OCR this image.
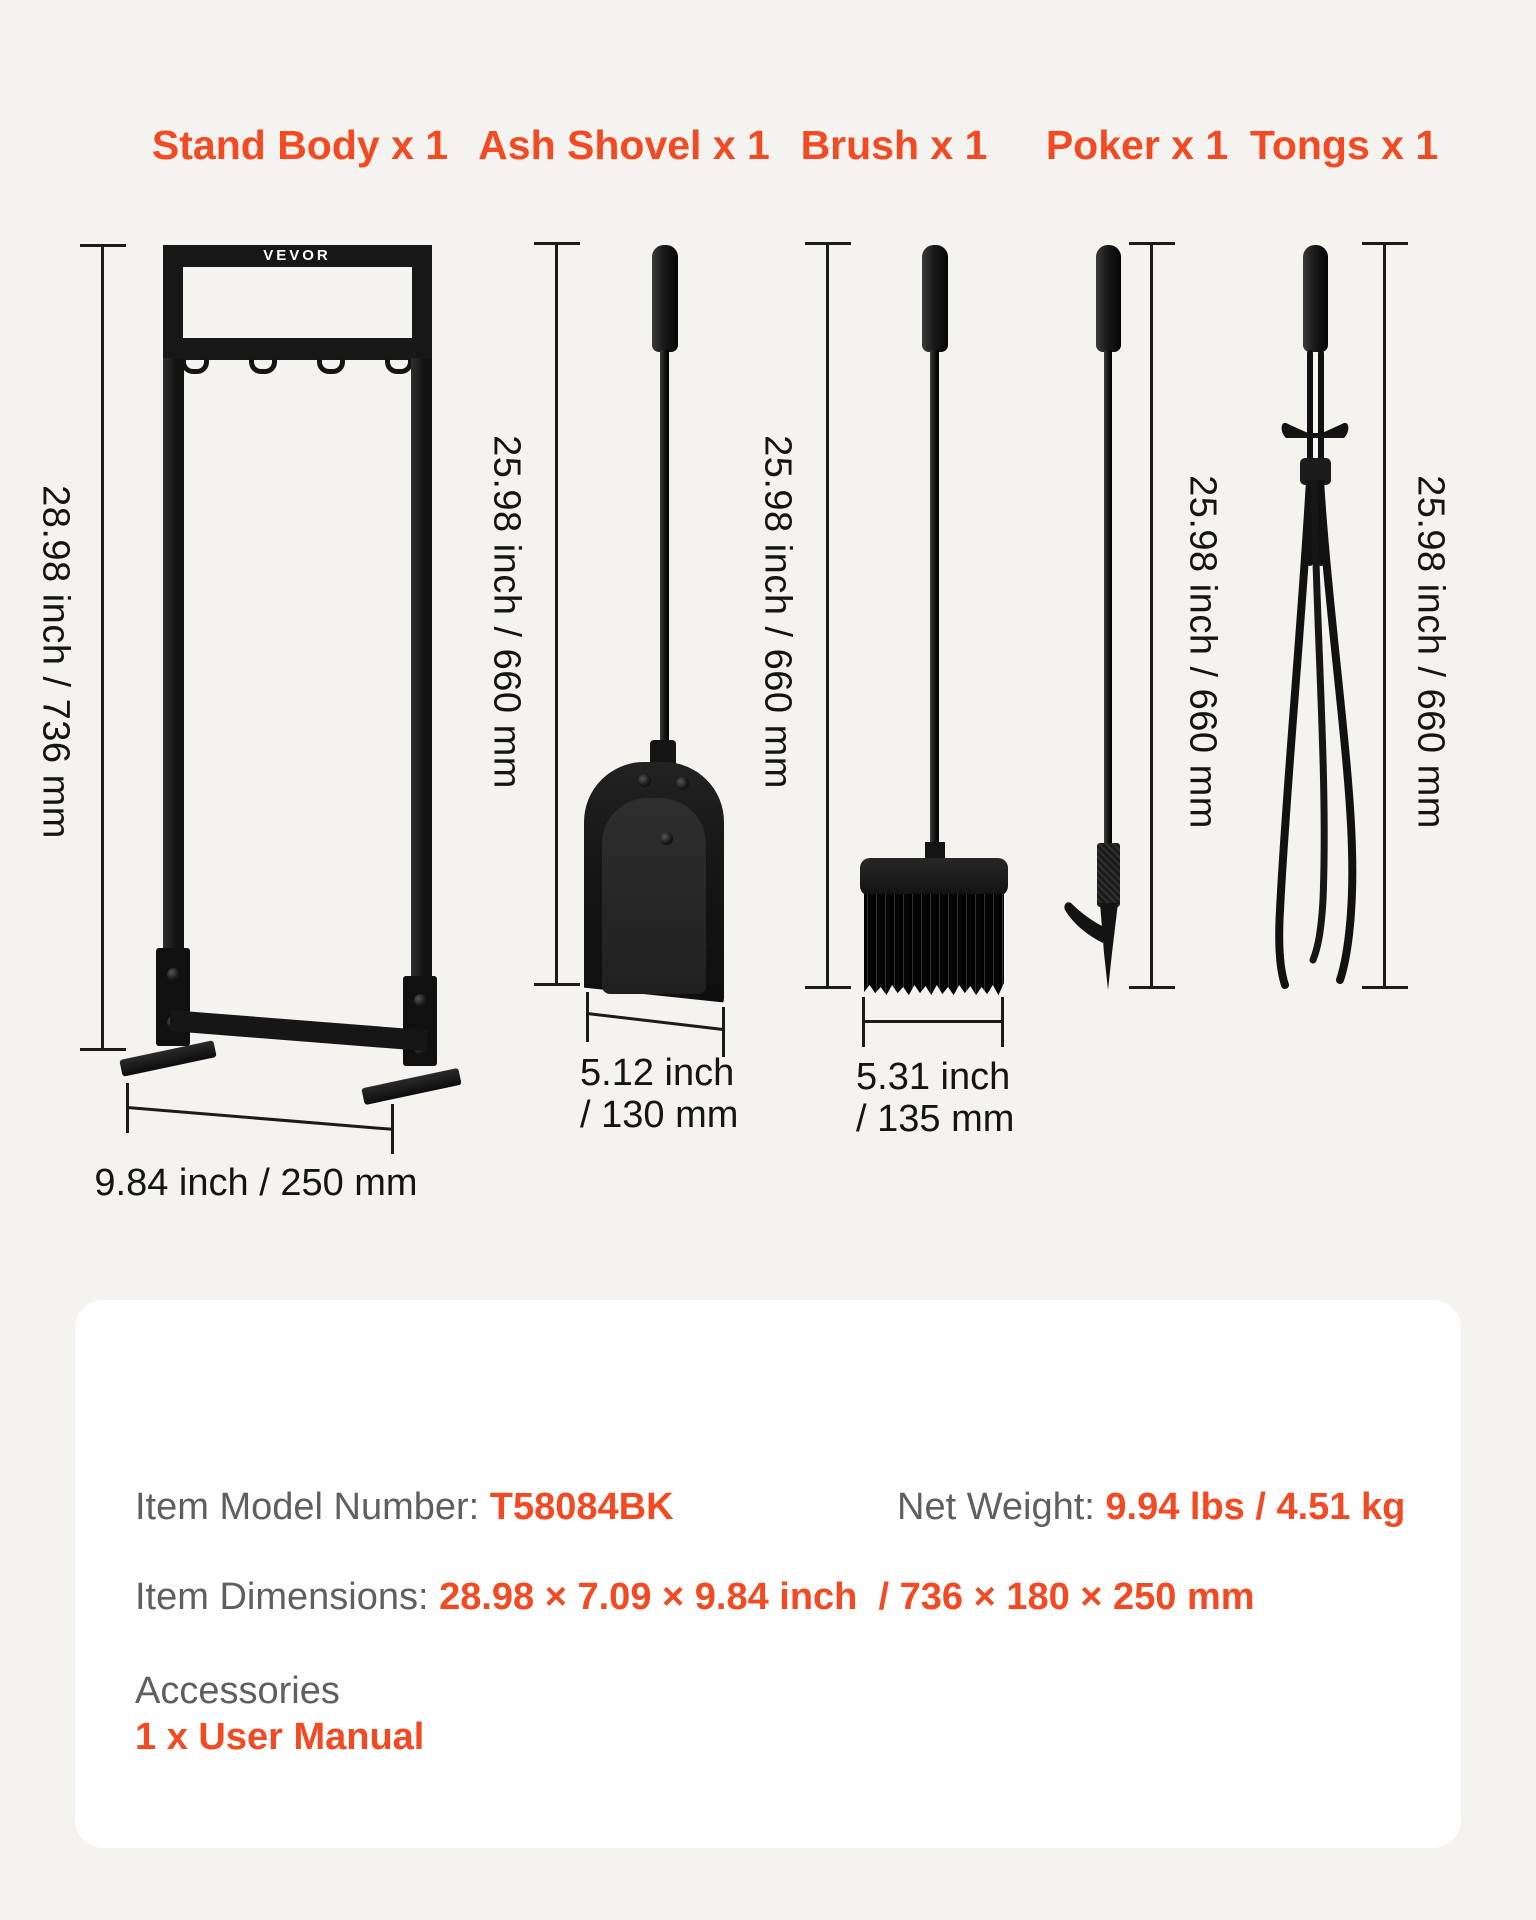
Stand Body x 1 Ash Shovel x 1 Brush x 1 Poker x 1 Tongs x 1
VEVOR
28.98 inch / 736 mm
9.84 inch / 250 mm
25.98 inch / 660 mm
5.12 inch
/ 130 mm
25.98 inch / 660 mm
5.31 inch
/ 135 mm
25.98 inch / 660 mm	25.98 inch / 660 mm
Item Model Number: T58084BK	Net Weight: 9.94 lbs / 4.51 kg
Item Dimensions: 28.98 × 7.09 × 9.84 inch  / 736 × 180 × 250 mm
Accessories
1 x User Manual
